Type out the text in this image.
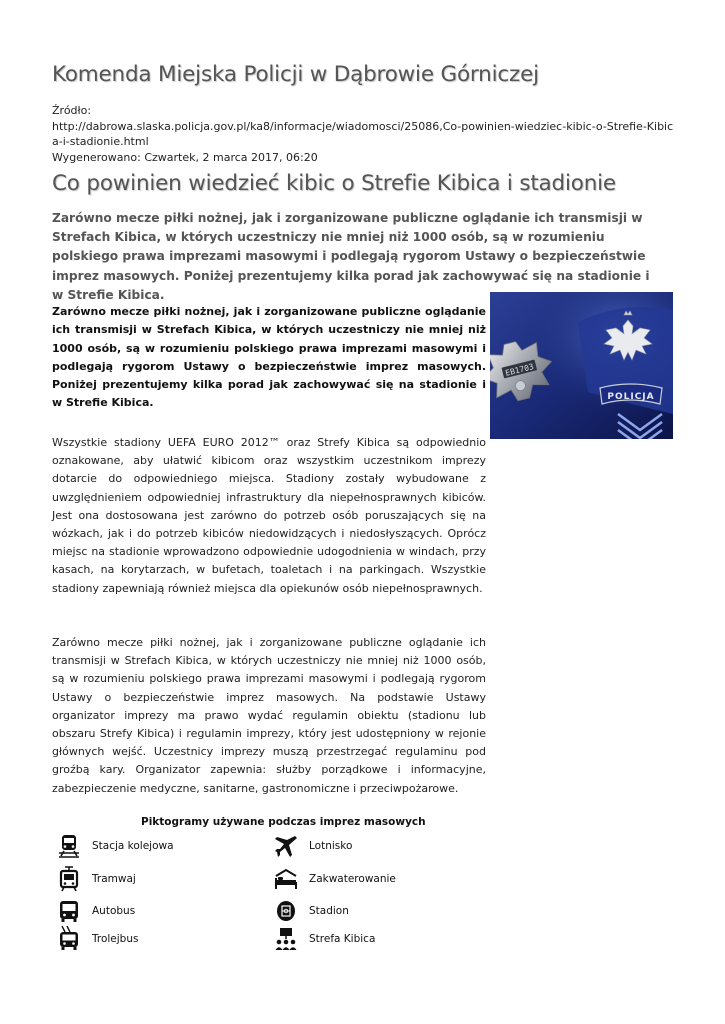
Komenda Miejska Policji w Dąbrowie Górniczej
Źródło:
http://dabrowa.slaska.policja.gov.pl/ka8/informacje/wiadomosci/25086,Co-powinien-wiedziec-kibic-o-Strefie-Kibica-i-stadionie.html
Wygenerowano: Czwartek, 2 marca 2017, 06:20
Co powinien wiedzieć kibic o Strefie Kibica i stadionie

Zarówno mecze piłki nożnej, jak i zorganizowane publiczne oglądanie ich transmisji w Strefach Kibica, w których uczestniczy nie mniej niż 1000 osób, są w rozumieniu polskiego prawa imprezami masowymi i podlegają rygorom Ustawy o bezpieczeństwie imprez masowych. Poniżej prezentujemy kilka porad jak zachowywać się na stadionie i w Strefie Kibica.

Zarówno mecze piłki nożnej, jak i zorganizowane publiczne oglądanie ich transmisji w Strefach Kibica, w których uczestniczy nie mniej niż 1000 osób, są w rozumieniu polskiego prawa imprezami masowymi i podlegają rygorom Ustawy o bezpieczeństwie imprez masowych. Poniżej prezentujemy kilka porad jak zachowywać się na stadionie i w Strefie Kibica.	POLICJA
EB1703

Wszystkie stadiony UEFA EURO 2012™ oraz Strefy Kibica są odpowiednio oznakowane, aby ułatwić kibicom oraz wszystkim uczestnikom imprezy dotarcie do odpowiedniego miejsca. Stadiony zostały wybudowane z uwzględnieniem odpowiedniej infrastruktury dla niepełnosprawnych kibiców. Jest ona dostosowana jest zarówno do potrzeb osób poruszających się na wózkach, jak i do potrzeb kibiców niedowidzących i niedosłyszących. Oprócz miejsc na stadionie wprowadzono odpowiednie udogodnienia w windach, przy kasach, na korytarzach, w bufetach, toaletach i na parkingach. Wszystkie stadiony zapewniają również miejsca dla opiekunów osób niepełnosprawnych.

Zarówno mecze piłki nożnej, jak i zorganizowane publiczne oglądanie ich transmisji w Strefach Kibica, w których uczestniczy nie mniej niż 1000 osób, są w rozumieniu polskiego prawa imprezami masowymi i podlegają rygorom Ustawy o bezpieczeństwie imprez masowych. Na podstawie Ustawy organizator imprezy ma prawo wydać regulamin obiektu (stadionu lub obszaru Strefy Kibica) i regulamin imprezy, który jest udostępniony w rejonie głównych wejść. Uczestnicy imprezy muszą przestrzegać regulaminu pod groźbą kary. Organizator zapewnia: służby porządkowe i informacyjne, zabezpieczenie medyczne, sanitarne, gastronomiczne i przeciwpożarowe.

Piktogramy używane podczas imprez masowych
Stacja kolejowa	Lotnisko
Tramwaj	Zakwaterowanie
Autobus	Stadion
Trolejbus	Strefa Kibica
